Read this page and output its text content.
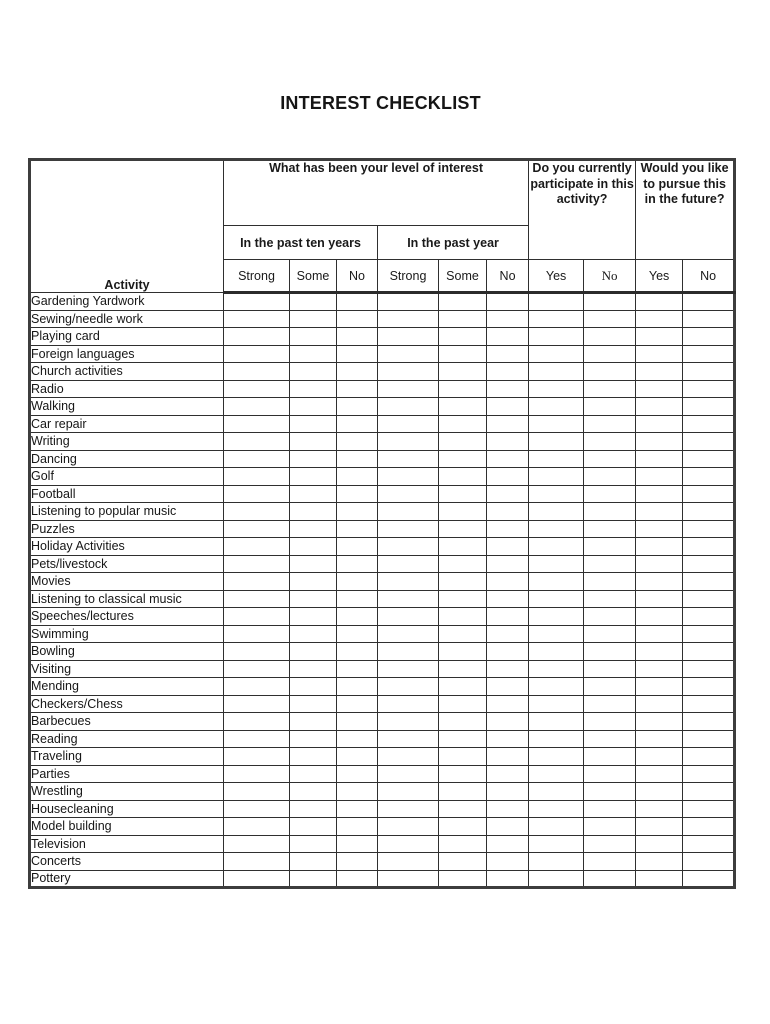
INTEREST CHECKLIST
Activity	What has been your level of interest						Do you currently participate in this activity?		Would you like to pursue this in the future?	
	In the past ten years			In the past year						
	Strong	Some	No	Strong	Some	No	Yes	No	Yes	No
Gardening Yardwork										
Sewing/needle work										
Playing card										
Foreign languages										
Church activities										
Radio										
Walking										
Car repair										
Writing										
Dancing										
Golf										
Football										
Listening to popular music										
Puzzles										
Holiday Activities										
Pets/livestock										
Movies										
Listening to classical music										
Speeches/lectures										
Swimming										
Bowling										
Visiting										
Mending										
Checkers/Chess										
Barbecues										
Reading										
Traveling										
Parties										
Wrestling										
Housecleaning										
Model building										
Television										
Concerts										
Pottery										
